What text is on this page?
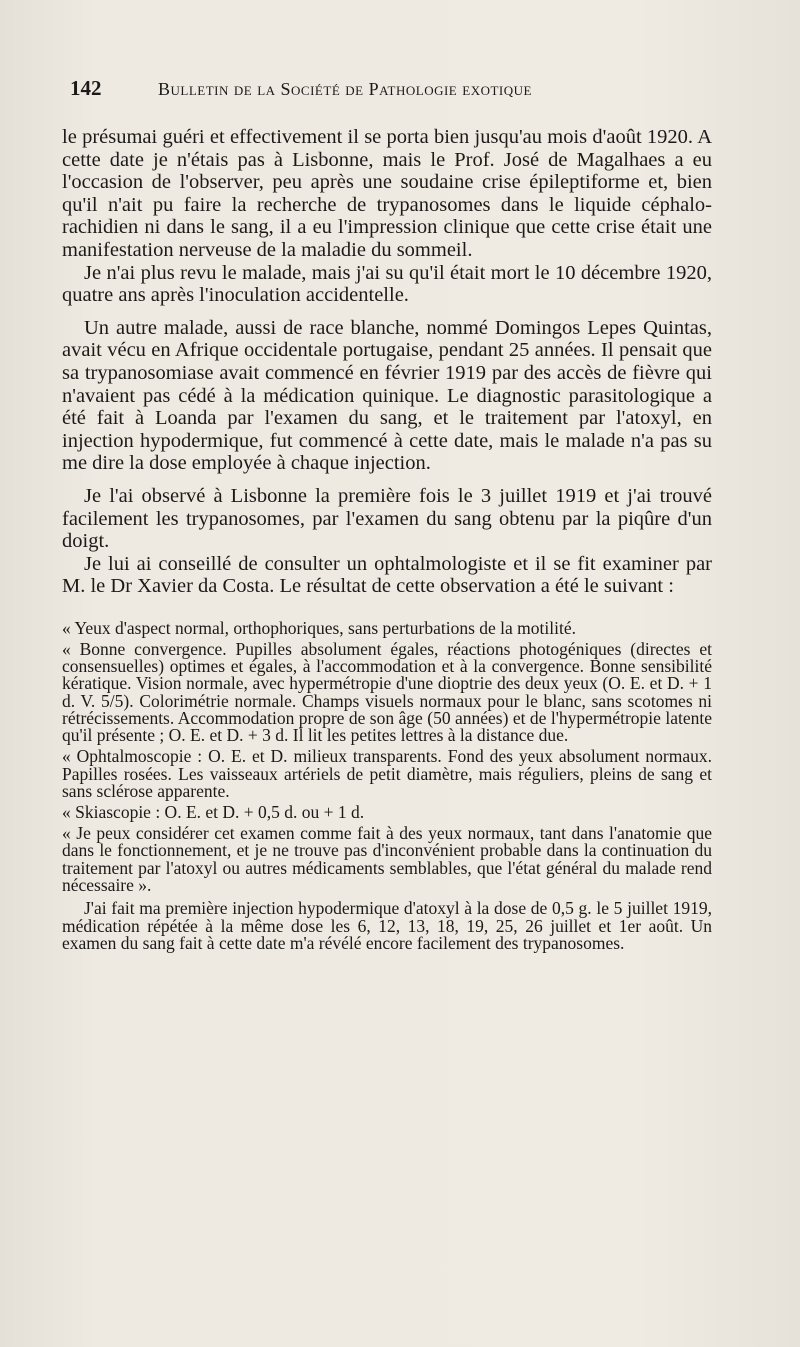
142	Bulletin de la Société de Pathologie exotique

le présumai guéri et effectivement il se porta bien jusqu'au mois d'août 1920. A cette date je n'étais pas à Lisbonne, mais le Prof. José de Magalhaes a eu l'occasion de l'observer, peu après une soudaine crise épileptiforme et, bien qu'il n'ait pu faire la recherche de trypanosomes dans le liquide céphalo-rachidien ni dans le sang, il a eu l'impression clinique que cette crise était une manifestation nerveuse de la maladie du sommeil.

Je n'ai plus revu le malade, mais j'ai su qu'il était mort le 10 décembre 1920, quatre ans après l'inoculation accidentelle.

Un autre malade, aussi de race blanche, nommé Domingos Lepes Quintas, avait vécu en Afrique occidentale portugaise, pendant 25 années. Il pensait que sa trypanosomiase avait commencé en février 1919 par des accès de fièvre qui n'avaient pas cédé à la médication quinique. Le diagnostic parasitologique a été fait à Loanda par l'examen du sang, et le traitement par l'atoxyl, en injection hypodermique, fut commencé à cette date, mais le malade n'a pas su me dire la dose employée à chaque injection.

Je l'ai observé à Lisbonne la première fois le 3 juillet 1919 et j'ai trouvé facilement les trypanosomes, par l'examen du sang obtenu par la piqûre d'un doigt.

Je lui ai conseillé de consulter un ophtalmologiste et il se fit examiner par M. le Dr Xavier da Costa. Le résultat de cette observation a été le suivant :

« Yeux d'aspect normal, orthophoriques, sans perturbations de la motilité.

« Bonne convergence. Pupilles absolument égales, réactions photogéniques (directes et consensuelles) optimes et égales, à l'accommodation et à la convergence. Bonne sensibilité kératique. Vision normale, avec hypermétropie d'une dioptrie des deux yeux (O. E. et D. + 1 d. V. 5/5). Colorimétrie normale. Champs visuels normaux pour le blanc, sans scotomes ni rétrécissements. Accommodation propre de son âge (50 années) et de l'hypermétropie latente qu'il présente ; O. E. et D. + 3 d. Il lit les petites lettres à la distance due.

« Ophtalmoscopie : O. E. et D. milieux transparents. Fond des yeux absolument normaux. Papilles rosées. Les vaisseaux artériels de petit diamètre, mais réguliers, pleins de sang et sans sclérose apparente.

« Skiascopie : O. E. et D. + 0,5 d. ou + 1 d.

« Je peux considérer cet examen comme fait à des yeux normaux, tant dans l'anatomie que dans le fonctionnement, et je ne trouve pas d'inconvénient probable dans la continuation du traitement par l'atoxyl ou autres médicaments semblables, que l'état général du malade rend nécessaire ».

J'ai fait ma première injection hypodermique d'atoxyl à la dose de 0,5 g. le 5 juillet 1919, médication répétée à la même dose les 6, 12, 13, 18, 19, 25, 26 juillet et 1er août. Un examen du sang fait à cette date m'a révélé encore facilement des trypanosomes.
